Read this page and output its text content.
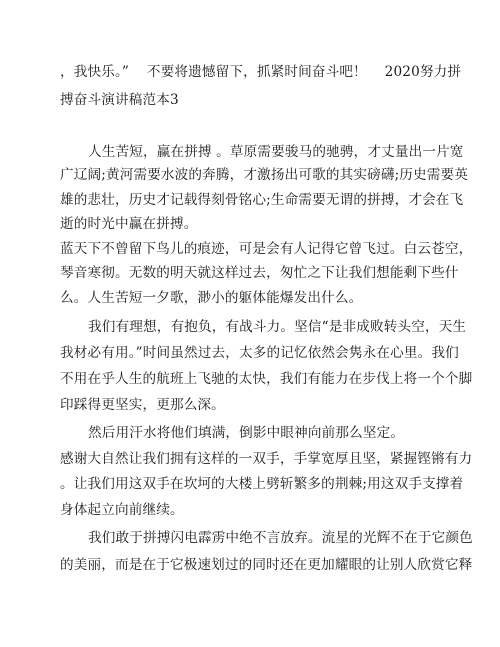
，我快乐。”    不要将遗憾留下，抓紧时间奋斗吧！    2020努力拼
搏奋斗演讲稿范本3
人生苦短，赢在拼搏 。草原需要骏马的驰骋，才丈量出一片宽
广辽阔;黄河需要水波的奔腾，才激扬出可歌的其实磅礴;历史需要英
雄的悲壮，历史才记载得刻骨铭心;生命需要无谓的拼搏，才会在飞
逝的时光中赢在拼搏。
蓝天下不曾留下鸟儿的痕迹，可是会有人记得它曾飞过。白云苍空，
琴音寒彻。无数的明天就这样过去，匆忙之下让我们想能剩下些什
么。人生苦短一夕歌，渺小的躯体能爆发出什么。
我们有理想，有抱负，有战斗力。坚信“是非成败转头空，天生
我材必有用。”时间虽然过去，太多的记忆依然会隽永在心里。我们
不用在乎人生的航班上飞驰的太快，我们有能力在步伐上将一个个脚
印踩得更坚实，更那么深。
然后用汗水将他们填满，倒影中眼神向前那么坚定。
感谢大自然让我们拥有这样的一双手，手掌宽厚且坚，紧握铿锵有力
。让我们用这双手在坎坷的大楼上劈斩繁多的荆棘;用这双手支撑着
身体起立向前继续。
我们敢于拼搏闪电霹雳中绝不言放弃。流星的光辉不在于它颜色
的美丽，而是在于它极速划过的同时还在更加耀眼的让别人欣赏它释
